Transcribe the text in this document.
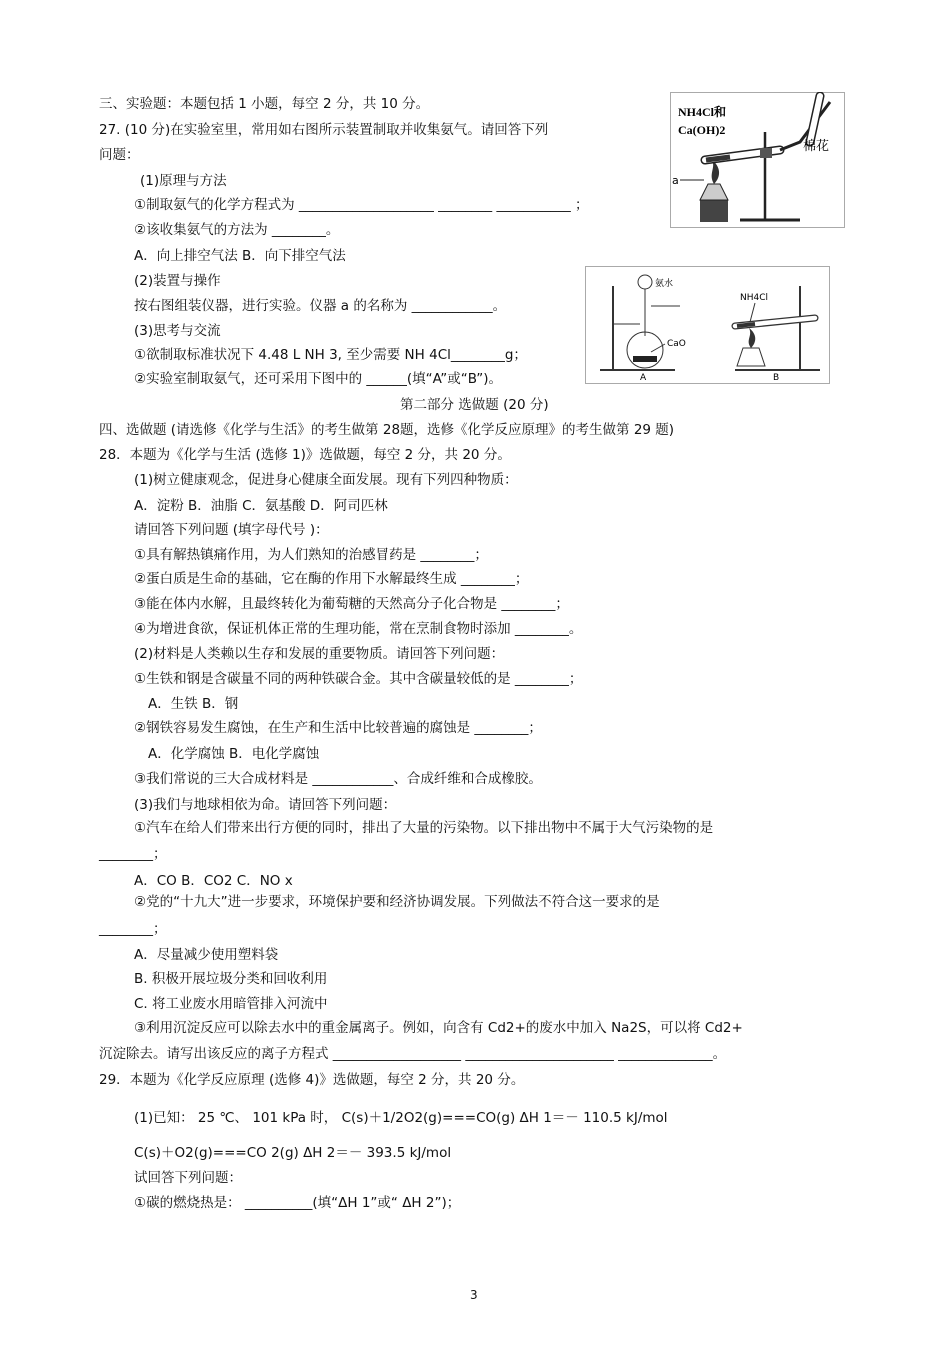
三、实验题：本题包括 1 小题，每空 2 分，共 10 分。
27. (10 分)在实验室里，常用如右图所示装置制取并收集氨气。请回答下列
问题：
(1)原理与方法
①制取氨气的化学方程式为 ____________________ ________ ___________ ；
②该收集氨气的方法为 ________。
A．向上排空气法 B．向下排空气法
(2)装置与操作
按右图组装仪器，进行实验。仪器 a 的名称为 ____________。
(3)思考与交流
①欲制取标准状况下 4.48 L NH 3, 至少需要 NH 4Cl________g；
②实验室制取氨气，还可采用下图中的 ______(填“A”或“B”)。
第二部分 选做题 (20 分)
四、选做题 (请选修《化学与生活》的考生做第 28题，选修《化学反应原理》的考生做第 29 题)
28．本题为《化学与生活 (选修 1)》选做题，每空 2 分，共 20 分。
(1)树立健康观念，促进身心健康全面发展。现有下列四种物质：
A．淀粉 B．油脂 C．氨基酸 D．阿司匹林
请回答下列问题 (填字母代号 )：
①具有解热镇痛作用，为人们熟知的治感冒药是 ________；
②蛋白质是生命的基础，它在酶的作用下水解最终生成 ________；
③能在体内水解，且最终转化为葡萄糖的天然高分子化合物是 ________；
④为增进食欲，保证机体正常的生理功能，常在烹制食物时添加 ________。
(2)材料是人类赖以生存和发展的重要物质。请回答下列问题：
①生铁和钢是含碳量不同的两种铁碳合金。其中含碳量较低的是 ________；
A．生铁 B．钢
②钢铁容易发生腐蚀，在生产和生活中比较普遍的腐蚀是 ________；
A．化学腐蚀 B．电化学腐蚀
③我们常说的三大合成材料是 ____________、合成纤维和合成橡胶。
(3)我们与地球相依为命。请回答下列问题：
①汽车在给人们带来出行方便的同时，排出了大量的污染物。以下排出物中不属于大气污染物的是
________；
A．CO B．CO2 C．NO x
②党的“十九大”进一步要求，环境保护要和经济协调发展。下列做法不符合这一要求的是
________；
A．尽量减少使用塑料袋
B. 积极开展垃圾分类和回收利用
C. 将工业废水用暗管排入河流中
③利用沉淀反应可以除去水中的重金属离子。例如，向含有 Cd2+的废水中加入 Na2S，可以将 Cd2+
沉淀除去。请写出该反应的离子方程式 ___________________ ______________________ ______________。
29．本题为《化学反应原理 (选修 4)》选做题，每空 2 分，共 20 分。
(1)已知： 25 ℃、 101 kPa 时， C(s)＋1/2O2(g)===CO(g) ΔH 1＝－ 110.5 kJ/mol
C(s)＋O2(g)===CO 2(g) ΔH 2＝－ 393.5 kJ/mol
试回答下列问题：
①碳的燃烧热是： __________(填“ΔH 1”或“ ΔH 2”)；
NH4Cl和
Ca(OH)2
棉花
a
氨水
CaO
A
NH4Cl
B
3
